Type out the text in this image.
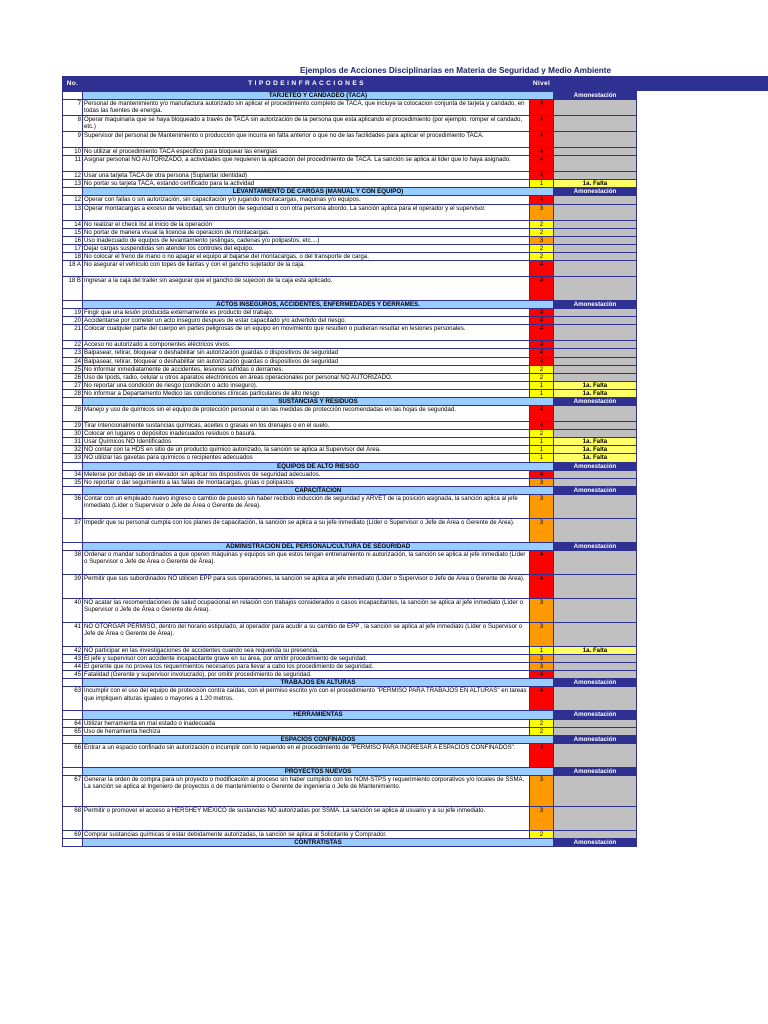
Ejemplos de Acciones Disciplinarias en Materia de Seguridad y Medio Ambiente
No.	T I P O D E I N F R A C C I O N E S	Nivel	
	TARJETEO Y CANDADEO (TACA)		Amonestación
7	Personal de mantenimiento y/o manufactura autorizado sin aplicar el procedimiento completo de TACA, que incluye la colocacion conjunta de tarjeta y candado, en todas las fuentes de energia.	4	
8	Operar maquinaria que se haya bloqueado a través de TACA sin autorización de la persona que esta aplicando el procedimiento (por ejemplo: romper el candado, etc.)	4	
9	Supervisor del personal de Mantenimiento o producción que incurra en falta anterior o que no de las facilidades para aplicar el procedimiento TACA.	4	
10	No utilizar el procedimiento TACA especifico para bloquear las energias	4	
11	Asignar personal NO AUTORIZADO, a actividades que requieren la aplicación del procedimiento de TACA. La sanción se aplica al líder que lo haya asignado.	4	
12	Usar una tarjeta TACA de otra persona (Suplantar identidad)	4	
13	No portar su tarjeta TACA, estando certificado para la actividad	1	1a. Falta
	LEVANTAMIENTO DE CARGAS (MANUAL Y CON EQUIPO)		Amonestación
12	Operar con fallas o sin autorización, sin capacitación y/o jugando montacargas, maquinas y/o equipos.	4	
13	Operar montacargas a exceso de velocidad, sin cinturón de seguridad o con otra persona abordo. La sanción aplica para el operador y el supervisor.	3	
14	No realizar el check list al inicio de la operación	2	
15	No portar de manera visual la licencia de operación de montacargas.	2	
16	Uso inadecuado de equipos de levantamiento (eslingas, cadenas y/o polipastos, etc....)	3	
17	Dejar cargas suspendidas sin atender los controles del equipo.	2	
18	No colocar el freno de mano o no apagar el equipo al bajarse del montacargas, o del transporte de carga.	2	
18 A	No asegurar el vehículo con topes de llantas y con el gancho sujetador de la caja.	4	
18 B	Ingresar a la caja del trailer sin asegurar que el gancho de sujecion de la caja esta aplicado.	4	
	ACTOS INSEGUROS, ACCIDENTES, ENFERMEDADES Y DERRAMES.		Amonestación
19	Fingir que una lesión producida externamente es producto del trabajo.	4	
20	Accidentarse por cometer un acto inseguro despues de estar capacitado y/o advertido del riesgo.	4	
21	Colocar cualquier parte del cuerpo en partes peligrosas de un equipo en movimiento que resulten o pudieran resultar en lesiones personales.	4	
22	Acceso no autorizado a componentes eléctricos vivos.	4	
23	Balpasear, retirar, bloquear o deshabilitar sin autorización guardas o dispositivos de seguridad	4	
24	Balpasear, retirar, bloquear o deshabilitar sin autorización guardas o dispositivos de seguridad	4	
25	No informar inmediatamente de accidentes, lesiones sufridas o derrames.	2	
26	Uso de Ipods, radio, celular u otros aparatos electrónicos en áreas operacionales por personal NO AUTORIZADO.	2	
27	No reportar una condición de riesgo (condición o acto inseguro).	1	1a. Falta
28	No informar a Departamento Medico las condiciones clínicas particulares de alto riesgo	1	1a. Falta
	SUSTANCIAS Y RESIDUOS		Amonestación
28	Manejo y uso de químicos sin el equipo de protección personal o sin las medidas de protección recomendadas en las hojas de seguridad.	4	
29	Tirar intencionalmente sustancias químicas, aceites o grasas en los drenajes o en el suelo.	4	
30	Colocar en lugares o depósitos inadecuados residuos o basura.	2	
31	Usar Químicos NO Identificados	1	1a. Falta
32	NO contar con la HDS en sitio de un producto químico autorizado, la sanción se aplica al Supervisor del Área.	1	1a. Falta
33	NO utilizar las gavetas para químicos o recipientes adecuados	1	1a. Falta
	EQUIPOS DE ALTO RIESGO		Amonestación
34	Meterse por debajo de un elevador sin aplicar los dispositivos de seguridad adecuados.	4	
35	No reportar o dar seguimiento a las fallas de montacargas, grúas o polipastos	3	
	CAPACITACIÓN		Amonestación
36	Contar con un empleado nuevo ingreso o cambio de puesto sin haber recibido inducción de seguridad y ARVET de la posición asignada, la sanción aplica al jefe inmediato (Líder o Supervisor o Jefe de Área o Gerente de Área).	3	
37	Impedir que su personal cumpla con los planes de capacitación, la sanción se aplica a su jefe inmediato (Líder o Supervisor o Jefe de Area o Gerente de Area).	3	
	ADMINISTRACIÓN DEL PERSONAL/CULTURA DE SEGURIDAD		Amonestación
38	Ordenar o mandar subordinados a que operen máquinas y equipos sin que estos tengan entrenamiento ni autorización, la sanción se aplica al jefe inmediato (Líder o Supervisor o Jefe de Área o Gerente de Área).	4	
39	Permitir que sus subordinados NO utilicen EPP para sus operaciones, la sanción se aplica al jefe inmediato (Líder o Supervisor o Jefe de Área o Gerente de Área).	4	
40	NO acatar las recomendaciones de salud ocupacional en relación con trabajos considerados o casos incapacitantes, la sanción se aplica al jefe inmediato (Líder o Supervisor o Jefe de Área o Gerente de Área).	3	
41	NO OTORGAR PERMISO, dentro del horario estipulado, al operador para acudir a su cambio de EPP , la sanción se aplica al jefe inmediato (Líder o Supervisor o Jefe de Área o Gerente de Área).	3	
42	NO participar en las investigaciones de accidentes cuando sea requerida su presencia.	1	1a. Falta
43	El jefe y supervisor con accidente incapacitante grave en su área, por omitir procedimiento de seguridad.	3	
44	El gerente que no provea los requerimientos necesarios para llevar a cabo los procedimiento de seguridad.	3	
45	Fatalidad (Gerente y supervisor involucrado), por omitir procedimiento de seguridad.	4	
	TRABAJOS EN ALTURAS		Amonestación
63	Incumplir con el uso del equipo de protección contra caídas, con el permiso escrito y/o con el procedimiento "PERMISO PARA TRABAJOS EN ALTURAS" en tareas que impliquen alturas iguales o mayores a 1.20 metros.	4	
	HERRAMIENTAS		Amonestación
64	Utilizar herramienta en mal estado o inadecuada	2	
65	Uso de herramienta hechiza	2	
	ESPACIOS CONFINADOS		Amonestación
66	Entrar a un espacio confinado sin autorización o incumplir con lo requerido en el procedimiento de "PERMISO PARA INGRESAR A ESPACIOS CONFINADOS".	4	
	PROYECTOS NUEVOS		Amonestación
67	Generar la orden de compra para un proyecto o modificación al proceso sin haber cumplido con los NOM-STPS y requerimiento corporativos y/o locales de SSMA. La sanción se aplica al Ingeniero de proyectos o de mantenimiento o Gerente de ingeniería o Jefe de Mantenimiento.	3	
68	Permitir o promover el acceso a HERSHEY MÉXICO de sustancias NO autorizadas por SSMA. La sanción se aplica al usuario y a su jefe inmediato.	3	
69	Comprar sustancias químicas si estar debidamente autorizadas, la sanción se aplica al Solicitante y Comprador.	2	
	CONTRATISTAS		Amonestación
